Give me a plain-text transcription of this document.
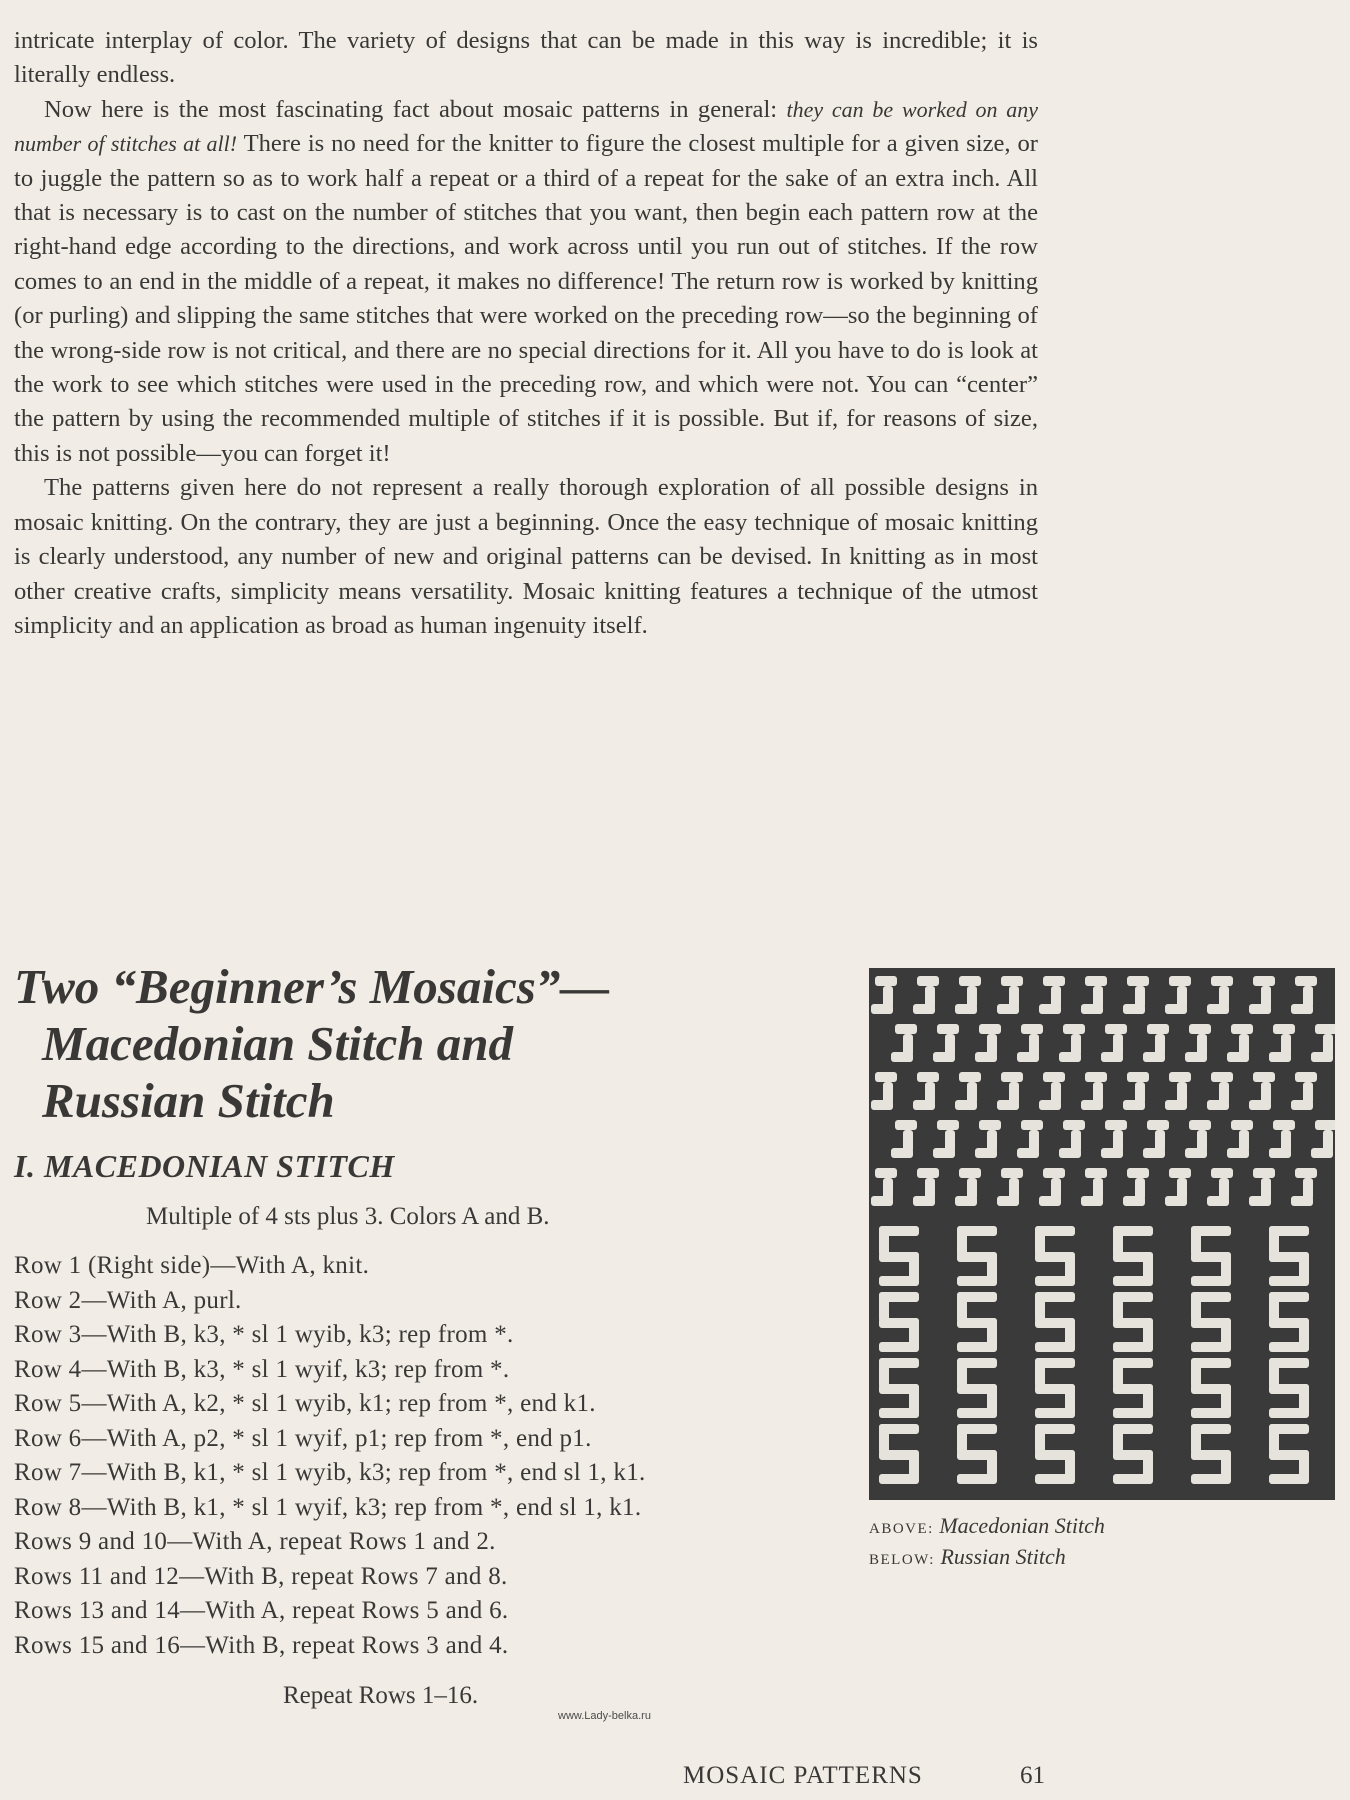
intricate interplay of color. The variety of designs that can be made in this way is incredible; it is literally endless.

Now here is the most fascinating fact about mosaic patterns in general: they can be worked on any number of stitches at all! There is no need for the knitter to figure the closest multiple for a given size, or to juggle the pattern so as to work half a repeat or a third of a repeat for the sake of an extra inch. All that is necessary is to cast on the number of stitches that you want, then begin each pattern row at the right-hand edge according to the directions, and work across until you run out of stitches. If the row comes to an end in the middle of a repeat, it makes no difference! The return row is worked by knitting (or purling) and slipping the same stitches that were worked on the preceding row—so the beginning of the wrong-side row is not critical, and there are no special directions for it. All you have to do is look at the work to see which stitches were used in the preceding row, and which were not. You can “center” the pattern by using the recommended multiple of stitches if it is possible. But if, for reasons of size, this is not possible—you can forget it!

The patterns given here do not represent a really thorough exploration of all possible designs in mosaic knitting. On the contrary, they are just a beginning. Once the easy technique of mosaic knitting is clearly understood, any number of new and original patterns can be devised. In knitting as in most other creative crafts, simplicity means versatility. Mosaic knitting features a technique of the utmost simplicity and an application as broad as human ingenuity itself.

Two “Beginner’s Mosaics”—
Macedonian Stitch and
Russian Stitch
I. MACEDONIAN STITCH

Multiple of 4 sts plus 3. Colors A and B.

Row 1 (Right side)—With A, knit.
Row 2—With A, purl.
Row 3—With B, k3, * sl 1 wyib, k3; rep from *.
Row 4—With B, k3, * sl 1 wyif, k3; rep from *.
Row 5—With A, k2, * sl 1 wyib, k1; rep from *, end k1.
Row 6—With A, p2, * sl 1 wyif, p1; rep from *, end p1.
Row 7—With B, k1, * sl 1 wyib, k3; rep from *, end sl 1, k1.
Row 8—With B, k1, * sl 1 wyif, k3; rep from *, end sl 1, k1.
Rows 9 and 10—With A, repeat Rows 1 and 2.
Rows 11 and 12—With B, repeat Rows 7 and 8.
Rows 13 and 14—With A, repeat Rows 5 and 6.
Rows 15 and 16—With B, repeat Rows 3 and 4.

Repeat Rows 1–16.

ABOVE: Macedonian Stitch
BELOW: Russian Stitch

www.Lady-belka.ru
MOSAIC PATTERNS	61
